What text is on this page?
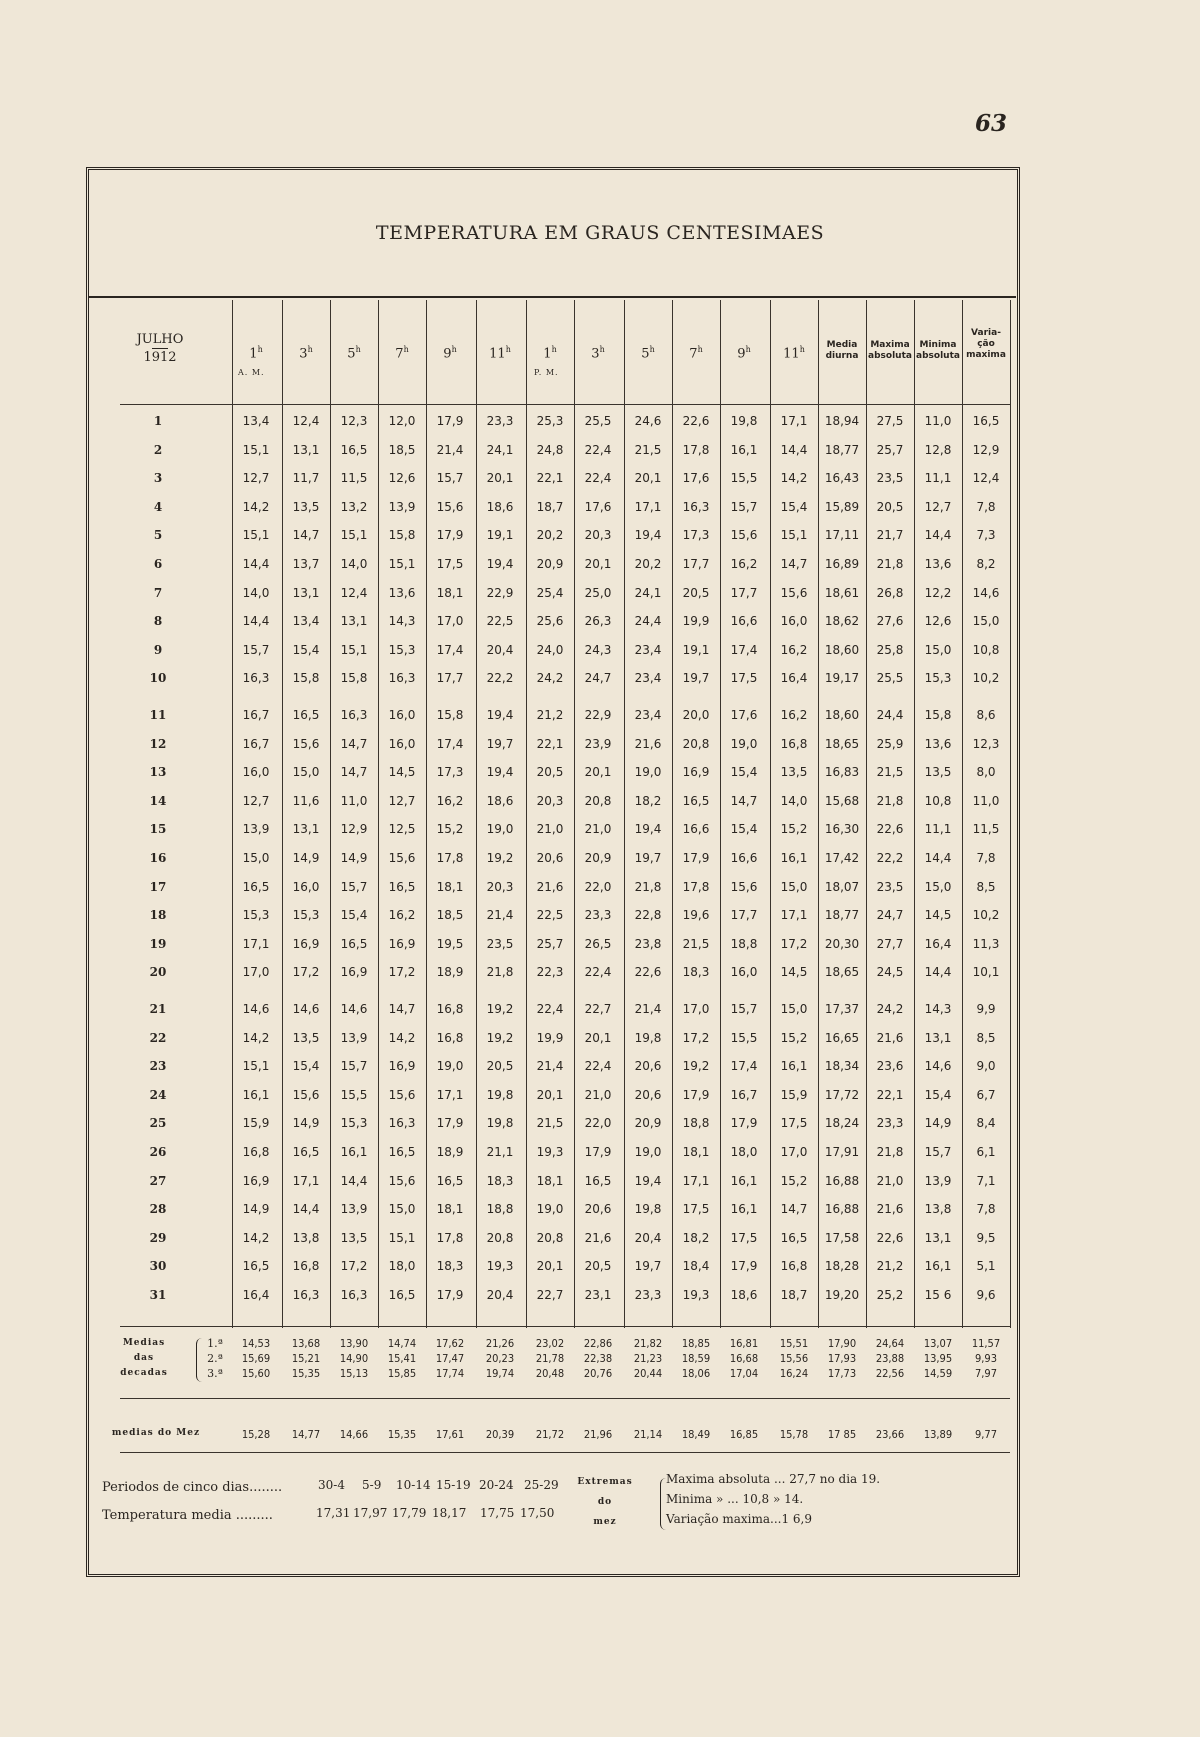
63
TEMPERATURA EM GRAUS CENTESIMAES
JULHO
1912	1$^h$	3$^h$	5$^h$	7$^h$	9$^h$	11$^h$	1$^h$	3$^h$	5$^h$	7$^h$	9$^h$	11$^h$
A. M.	P. M.
Media
diurna
Maxima
absoluta
Minima
absoluta
Varia-
ção
maxima
1	13,4	12,4	12,3	12,0	17,9	23,3	25,3	25,5	24,6	22,6	19,8	17,1	18,94	27,5	11,0	16,5
2	15,1	13,1	16,5	18,5	21,4	24,1	24,8	22,4	21,5	17,8	16,1	14,4	18,77	25,7	12,8	12,9
3	12,7	11,7	11,5	12,6	15,7	20,1	22,1	22,4	20,1	17,6	15,5	14,2	16,43	23,5	11,1	12,4
4	14,2	13,5	13,2	13,9	15,6	18,6	18,7	17,6	17,1	16,3	15,7	15,4	15,89	20,5	12,7	7,8
5	15,1	14,7	15,1	15,8	17,9	19,1	20,2	20,3	19,4	17,3	15,6	15,1	17,11	21,7	14,4	7,3
6	14,4	13,7	14,0	15,1	17,5	19,4	20,9	20,1	20,2	17,7	16,2	14,7	16,89	21,8	13,6	8,2
7	14,0	13,1	12,4	13,6	18,1	22,9	25,4	25,0	24,1	20,5	17,7	15,6	18,61	26,8	12,2	14,6
8	14,4	13,4	13,1	14,3	17,0	22,5	25,6	26,3	24,4	19,9	16,6	16,0	18,62	27,6	12,6	15,0
9	15,7	15,4	15,1	15,3	17,4	20,4	24,0	24,3	23,4	19,1	17,4	16,2	18,60	25,8	15,0	10,8
10	16,3	15,8	15,8	16,3	17,7	22,2	24,2	24,7	23,4	19,7	17,5	16,4	19,17	25,5	15,3	10,2
11	16,7	16,5	16,3	16,0	15,8	19,4	21,2	22,9	23,4	20,0	17,6	16,2	18,60	24,4	15,8	8,6
12	16,7	15,6	14,7	16,0	17,4	19,7	22,1	23,9	21,6	20,8	19,0	16,8	18,65	25,9	13,6	12,3
13	16,0	15,0	14,7	14,5	17,3	19,4	20,5	20,1	19,0	16,9	15,4	13,5	16,83	21,5	13,5	8,0
14	12,7	11,6	11,0	12,7	16,2	18,6	20,3	20,8	18,2	16,5	14,7	14,0	15,68	21,8	10,8	11,0
15	13,9	13,1	12,9	12,5	15,2	19,0	21,0	21,0	19,4	16,6	15,4	15,2	16,30	22,6	11,1	11,5
16	15,0	14,9	14,9	15,6	17,8	19,2	20,6	20,9	19,7	17,9	16,6	16,1	17,42	22,2	14,4	7,8
17	16,5	16,0	15,7	16,5	18,1	20,3	21,6	22,0	21,8	17,8	15,6	15,0	18,07	23,5	15,0	8,5
18	15,3	15,3	15,4	16,2	18,5	21,4	22,5	23,3	22,8	19,6	17,7	17,1	18,77	24,7	14,5	10,2
19	17,1	16,9	16,5	16,9	19,5	23,5	25,7	26,5	23,8	21,5	18,8	17,2	20,30	27,7	16,4	11,3
20	17,0	17,2	16,9	17,2	18,9	21,8	22,3	22,4	22,6	18,3	16,0	14,5	18,65	24,5	14,4	10,1
21	14,6	14,6	14,6	14,7	16,8	19,2	22,4	22,7	21,4	17,0	15,7	15,0	17,37	24,2	14,3	9,9
22	14,2	13,5	13,9	14,2	16,8	19,2	19,9	20,1	19,8	17,2	15,5	15,2	16,65	21,6	13,1	8,5
23	15,1	15,4	15,7	16,9	19,0	20,5	21,4	22,4	20,6	19,2	17,4	16,1	18,34	23,6	14,6	9,0
24	16,1	15,6	15,5	15,6	17,1	19,8	20,1	21,0	20,6	17,9	16,7	15,9	17,72	22,1	15,4	6,7
25	15,9	14,9	15,3	16,3	17,9	19,8	21,5	22,0	20,9	18,8	17,9	17,5	18,24	23,3	14,9	8,4
26	16,8	16,5	16,1	16,5	18,9	21,1	19,3	17,9	19,0	18,1	18,0	17,0	17,91	21,8	15,7	6,1
27	16,9	17,1	14,4	15,6	16,5	18,3	18,1	16,5	19,4	17,1	16,1	15,2	16,88	21,0	13,9	7,1
28	14,9	14,4	13,9	15,0	18,1	18,8	19,0	20,6	19,8	17,5	16,1	14,7	16,88	21,6	13,8	7,8
29	14,2	13,8	13,5	15,1	17,8	20,8	20,8	21,6	20,4	18,2	17,5	16,5	17,58	22,6	13,1	9,5
30	16,5	16,8	17,2	18,0	18,3	19,3	20,1	20,5	19,7	18,4	17,9	16,8	18,28	21,2	16,1	5,1
31	16,4	16,3	16,3	16,5	17,9	20,4	22,7	23,1	23,3	19,3	18,6	18,7	19,20	25,2	15 6	9,6
Medias
das
decadas
1.ª
2.ª
3.ª
14,53	13,68	13,90	14,74	17,62	21,26	23,02	22,86	21,82	18,85	16,81	15,51	17,90	24,64	13,07	11,57
15,69	15,21	14,90	15,41	17,47	20,23	21,78	22,38	21,23	18,59	16,68	15,56	17,93	23,88	13,95	9,93
15,60	15,35	15,13	15,85	17,74	19,74	20,48	20,76	20,44	18,06	17,04	16,24	17,73	22,56	14,59	7,97
medias do Mez	15,28	14,77	14,66	15,35	17,61	20,39	21,72	21,96	21,14	18,49	16,85	15,78	17 85	23,66	13,89	9,77
Periodos de cinco dias........
Temperatura media .........
30-4 5-9 10-14 15-19 20-24 25-29
17,31 17,97 17,79 18,17 17,75 17,50
Extremas
do
mez
Maxima absoluta ... 27,7 no dia 19.
Minima » ... 10,8 » 14.
Variação maxima...1 6,9
